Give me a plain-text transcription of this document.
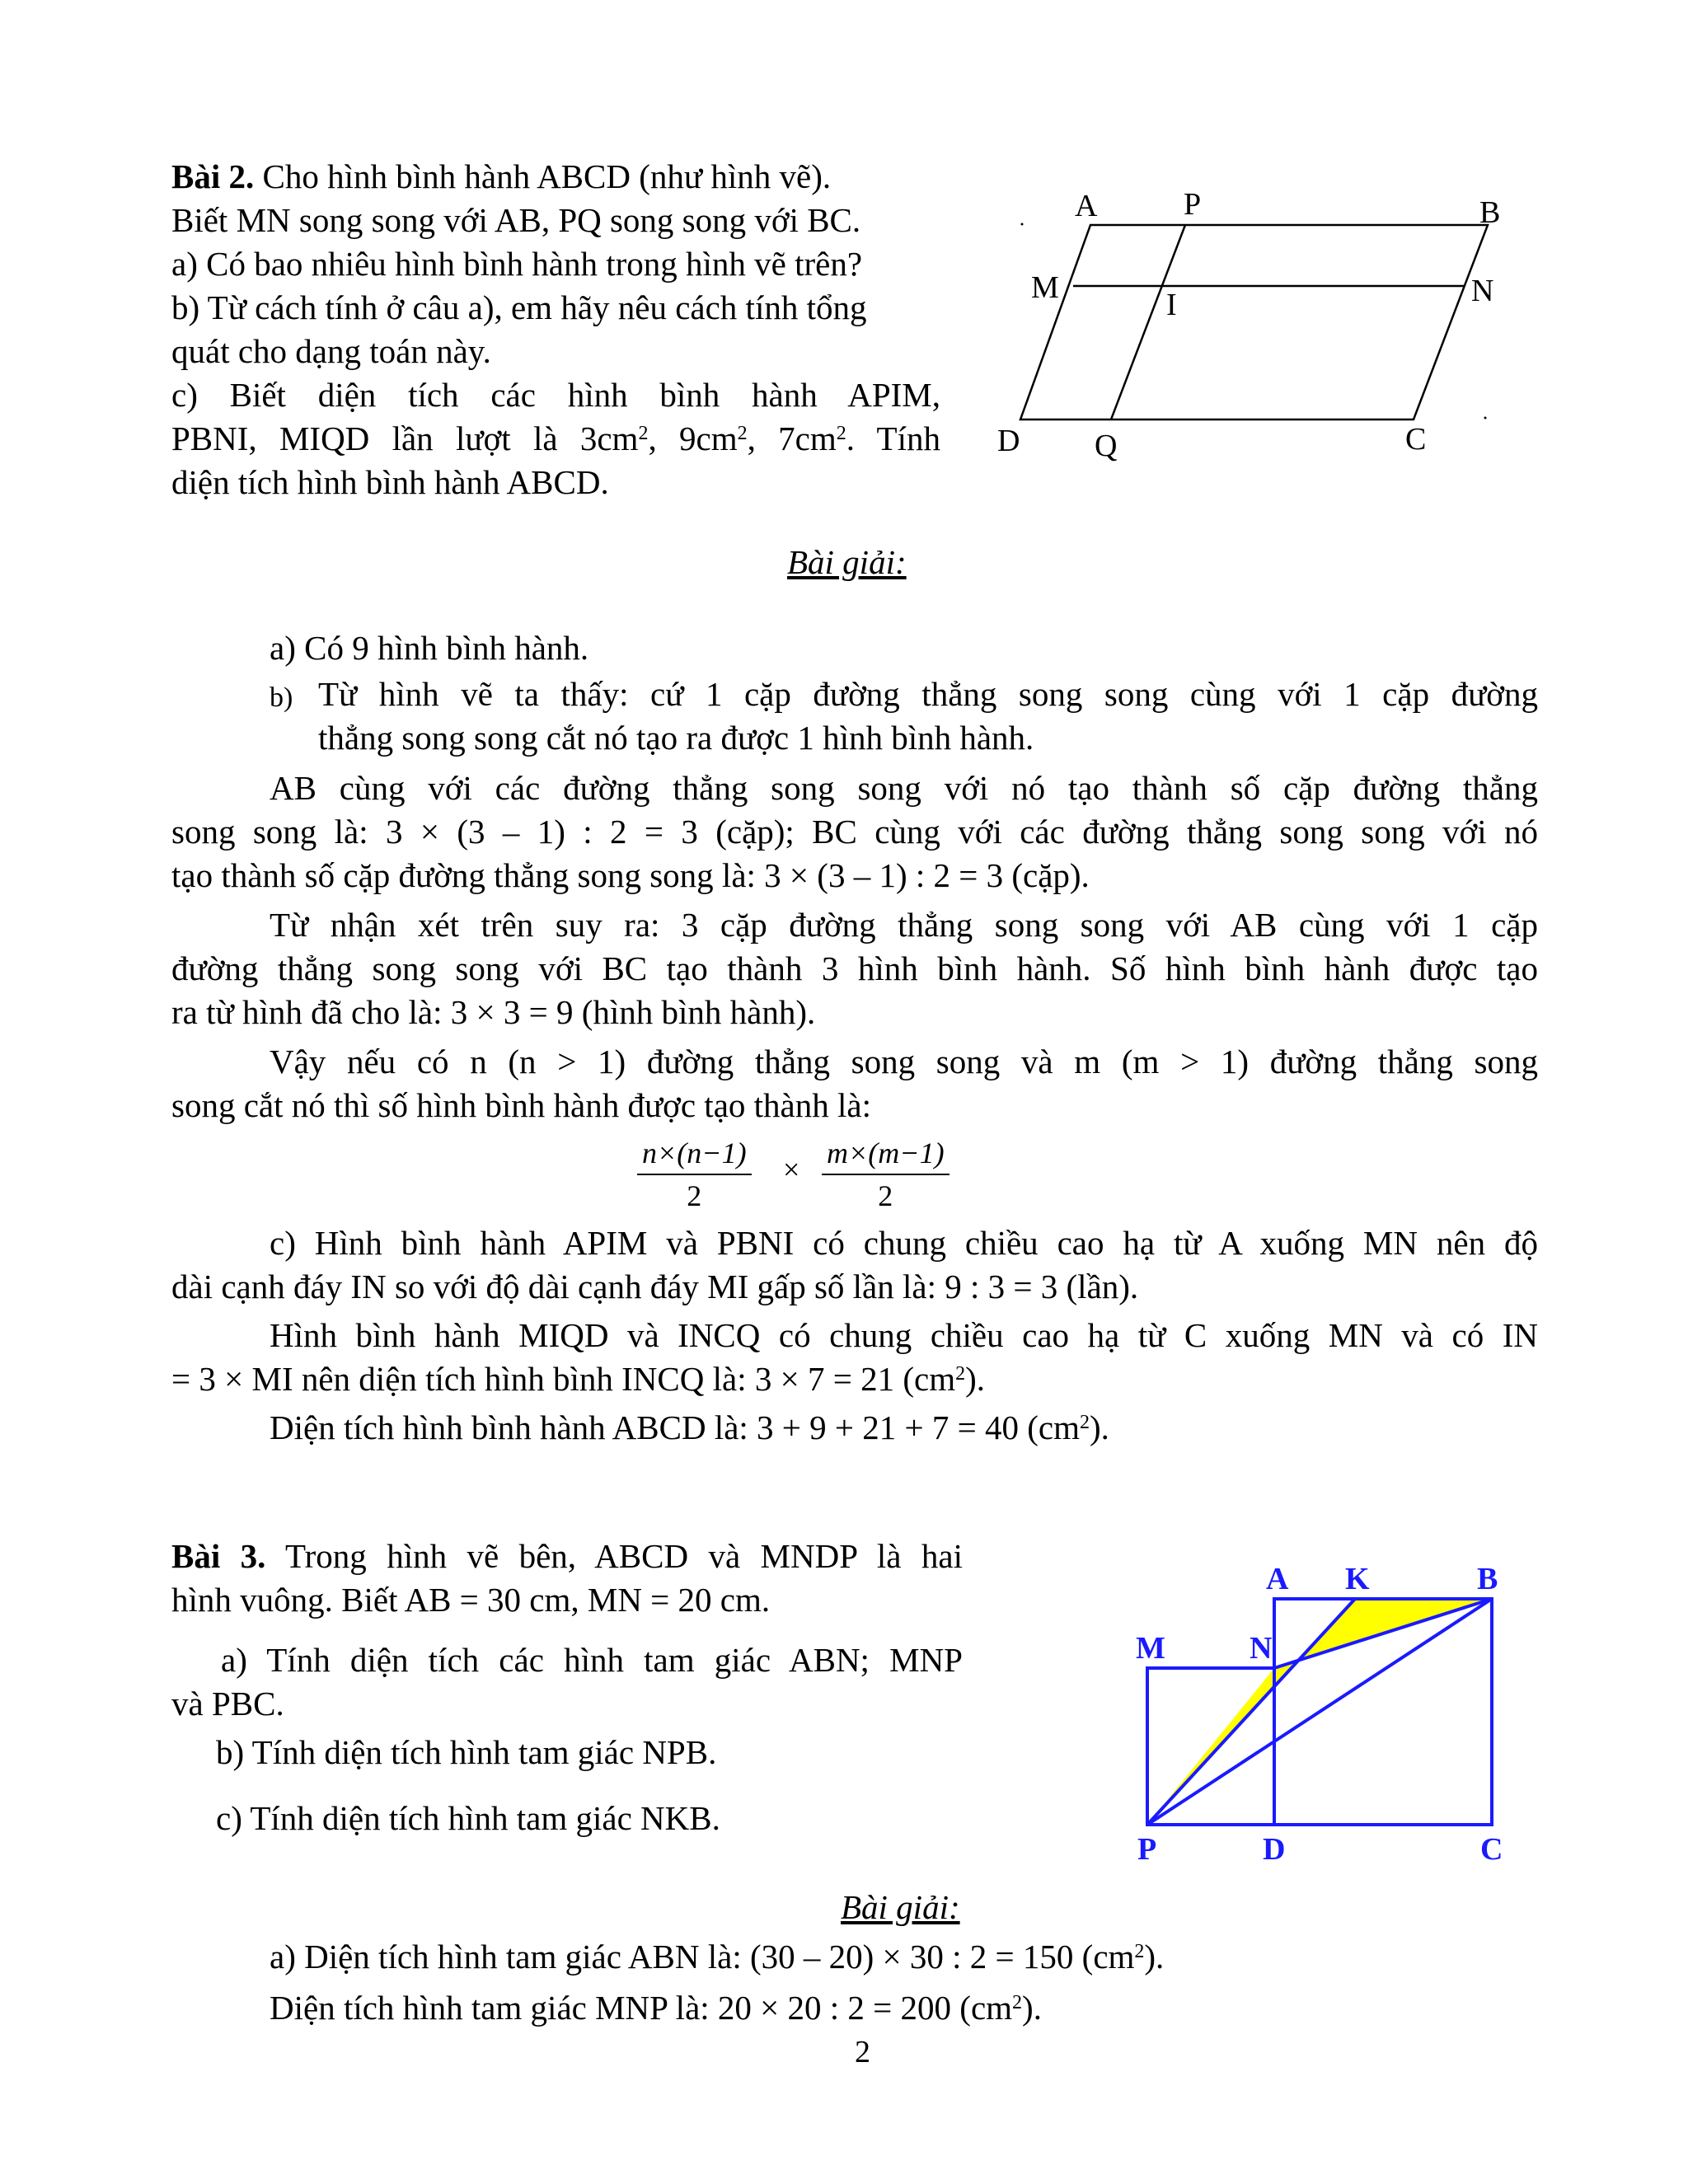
Bài 2. Cho hình bình hành ABCD (như hình vẽ).
Biết MN song song với AB, PQ song song với BC.
a) Có bao nhiêu hình bình hành trong hình vẽ trên?
b) Từ cách tính ở câu a), em hãy nêu cách tính tổng
quát cho dạng toán này.
c) Biết diện tích các hình bình hành APIM,
PBNI, MIQD lần lượt là $3cm^2$, $9cm^2$, $7cm^2$. Tính
diện tích hình bình hành ABCD.
A	P	B
M	I	N
D Q	C
Bài giải:
a) Có 9 hình bình hành.
b) Từ hình vẽ ta thấy: cứ 1 cặp đường thẳng song song cùng với 1 cặp đường
thẳng song song cắt nó tạo ra được 1 hình bình hành.
AB cùng với các đường thẳng song song với nó tạo thành số cặp đường thẳng
song song là: 3 × (3 – 1) : 2 = 3 (cặp); BC cùng với các đường thẳng song song với nó
tạo thành số cặp đường thẳng song song là: 3 × (3 – 1) : 2 = 3 (cặp).
Từ nhận xét trên suy ra: 3 cặp đường thẳng song song với AB cùng với 1 cặp
đường thẳng song song với BC tạo thành 3 hình bình hành. Số hình bình hành được tạo
ra từ hình đã cho là: 3 × 3 = 9 (hình bình hành).
Vậy nếu có n (n > 1) đường thẳng song song và m (m > 1) đường thẳng song
song cắt nó thì số hình bình hành được tạo thành là:
$\frac{n\times(n-1)}{2} \times \frac{m\times(m-1)}{2}$
c) Hình bình hành APIM và PBNI có chung chiều cao hạ từ A xuống MN nên độ
dài cạnh đáy IN so với độ dài cạnh đáy MI gấp số lần là: 9 : 3 = 3 (lần).
Hình bình hành MIQD và INCQ có chung chiều cao hạ từ C xuống MN và có IN
= 3 × MI nên diện tích hình bình INCQ là: 3 × 7 = 21 $(cm^2)$.
Diện tích hình bình hành ABCD là: 3 + 9 + 21 + 7 = 40 $(cm^2)$.
Bài 3. Trong hình vẽ bên, ABCD và MNDP là hai
hình vuông. Biết AB = 30 cm, MN = 20 cm.
a) Tính diện tích các hình tam giác ABN; MNP
và PBC.
b) Tính diện tích hình tam giác NPB.
c) Tính diện tích hình tam giác NKB.
A K	B
M	N
P	D	C
Bài giải:
a) Diện tích hình tam giác ABN là: (30 – 20) × 30 : 2 = 150 $(cm^2)$.
Diện tích hình tam giác MNP là: 20 × 20 : 2 = 200 $(cm^2)$.
2
